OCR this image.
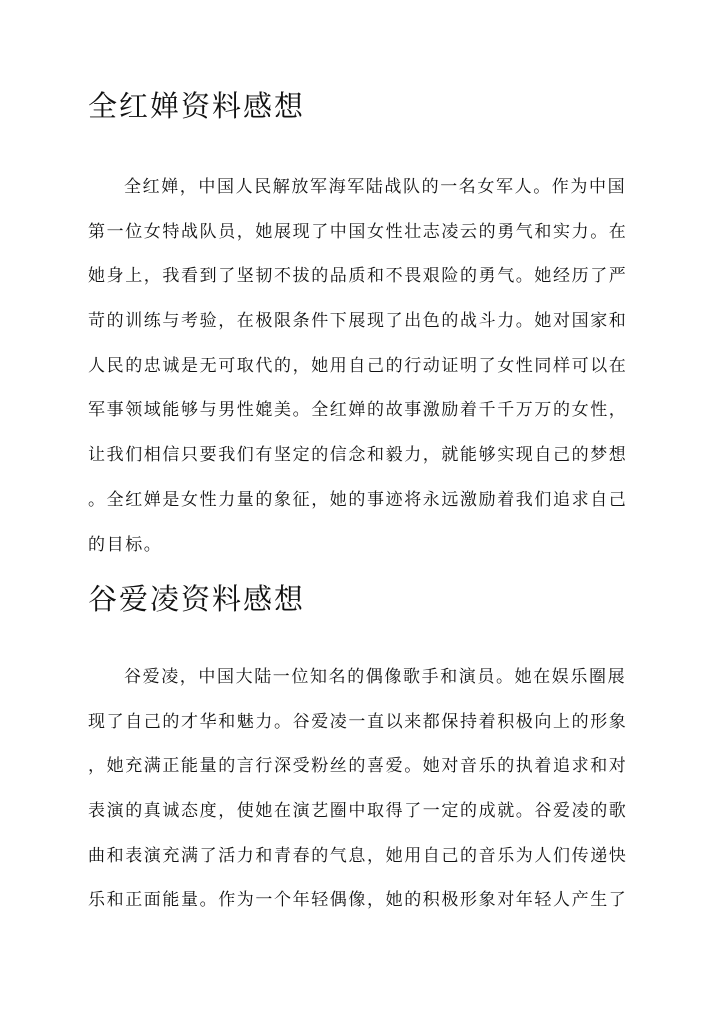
全红婵资料感想
全红婵，中国人民解放军海军陆战队的一名女军人。作为中国
第一位女特战队员，她展现了中国女性壮志凌云的勇气和实力。在
她身上，我看到了坚韧不拔的品质和不畏艰险的勇气。她经历了严
苛的训练与考验，在极限条件下展现了出色的战斗力。她对国家和
人民的忠诚是无可取代的，她用自己的行动证明了女性同样可以在
军事领域能够与男性媲美。全红婵的故事激励着千千万万的女性，
让我们相信只要我们有坚定的信念和毅力，就能够实现自己的梦想
。全红婵是女性力量的象征，她的事迹将永远激励着我们追求自己
的目标。
谷爱凌资料感想
谷爱凌，中国大陆一位知名的偶像歌手和演员。她在娱乐圈展
现了自己的才华和魅力。谷爱凌一直以来都保持着积极向上的形象
，她充满正能量的言行深受粉丝的喜爱。她对音乐的执着追求和对
表演的真诚态度，使她在演艺圈中取得了一定的成就。谷爱凌的歌
曲和表演充满了活力和青春的气息，她用自己的音乐为人们传递快
乐和正面能量。作为一个年轻偶像，她的积极形象对年轻人产生了
